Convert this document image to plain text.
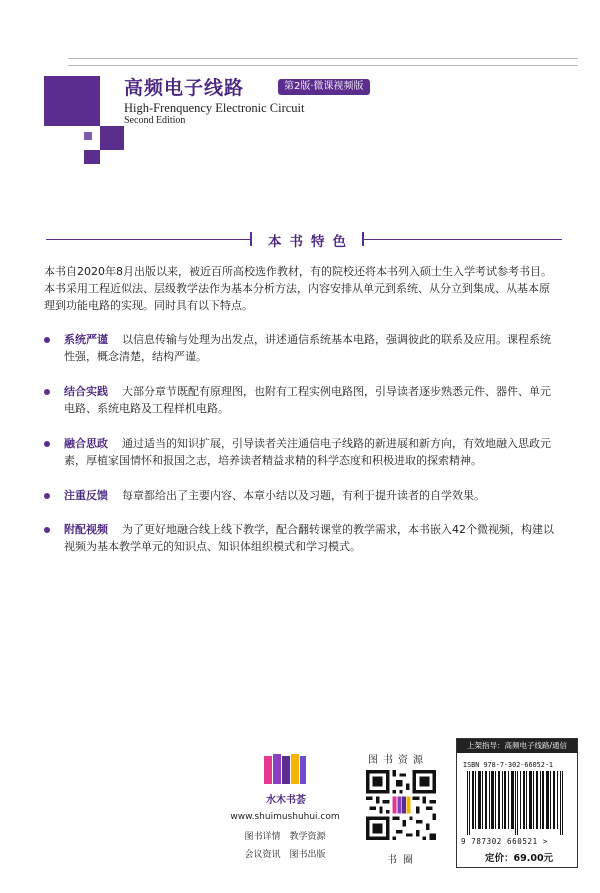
高频电子线路	第2版·微课视频版
High-Frenquency Electronic Circuit
Second Edition
本书特色
本书自2020年8月出版以来，被近百所高校选作教材，有的院校还将本书列入硕士生入学考试参考书目。本书采用工程近似法、层级教学法作为基本分析方法，内容安排从单元到系统、从分立到集成、从基本原理到功能电路的实现。同时具有以下特点。
系统严谨 以信息传输与处理为出发点，讲述通信系统基本电路，强调彼此的联系及应用。课程系统性强，概念清楚，结构严谨。
结合实践 大部分章节既配有原理图，也附有工程实例电路图，引导读者逐步熟悉元件、器件、单元电路、系统电路及工程样机电路。
融合思政 通过适当的知识扩展，引导读者关注通信电子线路的新进展和新方向，有效地融入思政元素，厚植家国情怀和报国之志，培养读者精益求精的科学态度和积极进取的探索精神。
注重反馈 每章都给出了主要内容、本章小结以及习题，有利于提升读者的自学效果。
附配视频 为了更好地融合线上线下教学，配合翻转课堂的教学需求，本书嵌入42个微视频，构建以视频为基本教学单元的知识点、知识体组织模式和学习模式。
水木书荟
www.shuimushuhui.com
图书详情　教学资源
会议资讯　图书出版
图书资源
书圈
上架指导：高频电子线路/通信
ISBN 978-7-302-66052-1
9 787302 660521 >
定价：69.00元
